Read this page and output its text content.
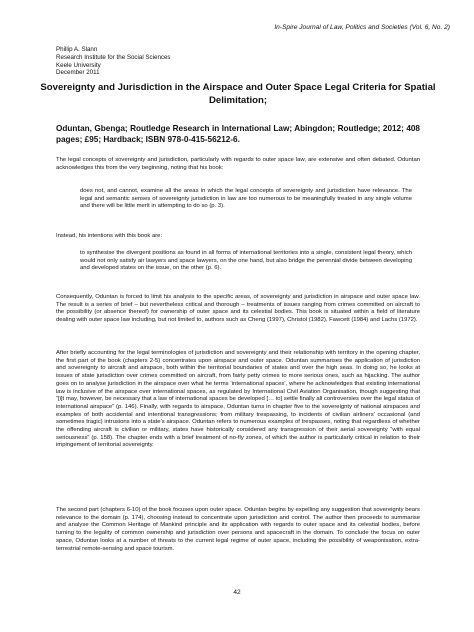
In-Spire Journal of Law, Politics and Societies (Vol. 6, No. 2)
Phillip A. Slann
Research Institute for the Social Sciences
Keele University
December 2011
Sovereignty and Jurisdiction in the Airspace and Outer Space Legal Criteria for Spatial Delimitation;
Oduntan, Gbenga; Routledge Research in International Law; Abingdon; Routledge; 2012; 408 pages; £95; Hardback; ISBN 978-0-415-56212-6.
The legal concepts of sovereignty and jurisdiction, particularly with regards to outer space law, are extensive and often debated. Oduntan acknowledges this from the very beginning, noting that his book:
does not, and cannot, examine all the areas in which the legal concepts of sovereignty and jurisdiction have relevance. The legal and semantic senses of sovereignty jurisdiction in law are too numerous to be meaningfully treated in any single volume and there will be little merit in attempting to do so (p. 3).
Instead, his intentions with this book are:
to synthesise the divergent positions as found in all forms of international territories into a single, consistent legal theory, which would not only satisfy air lawyers and space lawyers, on the one hand, but also bridge the perennial divide between developing and developed states on the issue, on the other (p. 6).
Consequently, Oduntan is forced to limit his analysis to the specific areas, of sovereignty and jurisdiction in airspace and outer space law. The result is a series of brief – but nevertheless critical and thorough – treatments of issues ranging from crimes committed on aircraft to the possibility (or absence thereof) for ownership of outer space and its celestial bodies. This book is situated within a field of literature dealing with outer space law including, but not limited to, authors such as Cheng (1997), Christol (1982), Fawcett (1984) and Lachs (1972).
After briefly accounting for the legal terminologies of jurisdiction and sovereignty and their relationship with territory in the opening chapter, the first part of the book (chapters 2-5) concentrates upon airspace and outer space. Oduntan summarises the application of jurisdiction and sovereignty to aircraft and airspace, both within the territorial boundaries of states and over the high seas. In doing so, he looks at issues of state jurisdiction over crimes committed on aircraft, from fairly petty crimes to more serious ones, such as hijacking. The author goes on to analyse jurisdiction in the airspace over what he terms ‘international spaces’, where he acknowledges that existing international law is inclusive of the airspace over international spaces, as regulated by International Civil Aviation Organisation, though suggesting that “[i]t may, however, be necessary that a law of international spaces be developed [… to] settle finally all controversies over the legal status of international airspace” (p. 146). Finally, with regards to airspace, Oduntan turns in chapter five to the sovereignty of national airspaces and examples of both accidental and intentional transgressions; from military trespassing, to incidents of civilian airliners’ occasional (and sometimes tragic) intrusions into a state’s airspace. Oduntan refers to numerous examples of trespasses, noting that regardless of whether the offending aircraft is civilian or military, states have historically considered any transgression of their aerial sovereignty “with equal seriousness” (p. 158). The chapter ends with a brief treatment of no-fly zones, of which the author is particularly critical in relation to their impingement of territorial sovereignty.
The second part (chapters 6-10) of the book focuses upon outer space. Oduntan begins by expelling any suggestion that sovereignty bears relevance to the domain (p. 174), choosing instead to concentrate upon jurisdiction and control. The author then proceeds to summarise and analyse the Common Heritage of Mankind principle and its application with regards to outer space and its celestial bodies, before turning to the legality of common ownership and jurisdiction over persons and spacecraft in the domain. To conclude the focus on outer space, Oduntan looks at a number of threats to the current legal regime of outer space, including the possibility of weaponisation, extra-terrestrial remote-sensing and space tourism.
42
